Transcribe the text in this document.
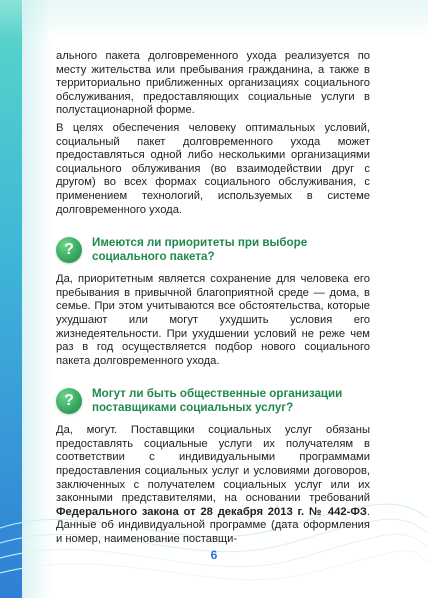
ального пакета долговременного ухода реализуется по месту жительства или пребывания гражданина, а также в территориально приближенных организациях социального обслуживания, предоставляющих социальные услуги в полустационарной форме.

В целях обеспечения человеку оптимальных условий, социальный пакет долговременного ухода может предоставляться одной либо несколькими организациями социального облуживания (во взаимодействии друг с другом) во всех формах социального обслуживания, с применением технологий, используемых в системе долговременного ухода.

?	Имеются ли приоритеты при выборе социального пакета?

Да, приоритетным является сохранение для человека его пребывания в привычной благоприятной среде — дома, в семье. При этом учитываются все обстоятельства, которые ухудшают или могут ухудшить условия его жизнедеятельности. При ухудшении условий не реже чем раз в год осуществляется подбор нового социального пакета долговременного ухода.

?	Могут ли быть общественные организации поставщиками социальных услуг?

Да, могут. Поставщики социальных услуг обязаны предоставлять социальные услуги их получателям в соответствии с индивидуальными программами предоставления социальных услуг и условиями договоров, заключенных с получателем социальных услуг или их законными представителями, на основании требований Федерального закона от 28 декабря 2013 г. № 442-ФЗ. Данные об индивидуальной программе (дата оформления и номер, наименование поставщи-

6
